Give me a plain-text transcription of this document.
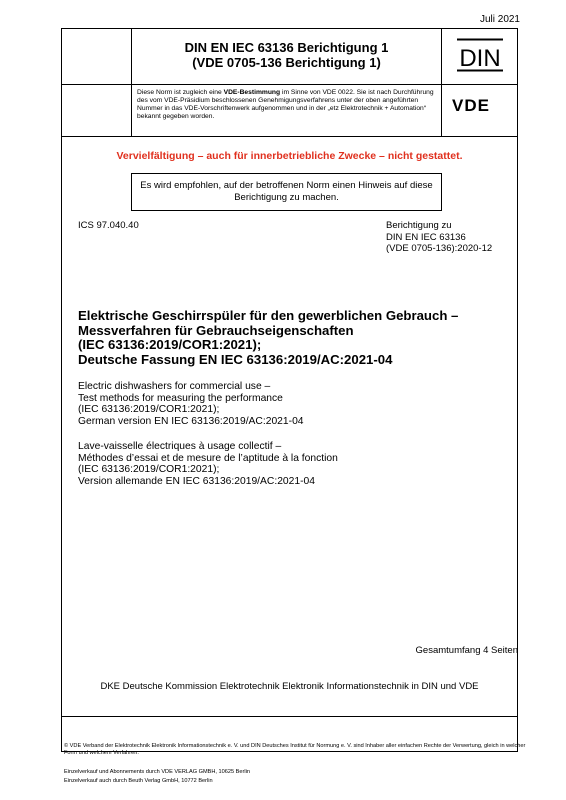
Juli 2021
DIN EN IEC 63136 Berichtigung 1
(VDE 0705-136 Berichtigung 1)	DIN
Diese Norm ist zugleich eine VDE-Bestimmung im Sinne von VDE 0022. Sie ist nach Durchführung des vom VDE-Präsidium beschlossenen Genehmigungsverfahrens unter der oben angeführten Nummer in das VDE-Vorschriftenwerk aufgenommen und in der „etz Elektrotechnik + Automation“ bekannt gegeben worden.
VDE
Vervielfältigung – auch für innerbetriebliche Zwecke – nicht gestattet.
Es wird empfohlen, auf der betroffenen Norm einen Hinweis auf diese Berichtigung zu machen.
ICS 97.040.40	Berichtigung zu
DIN EN IEC 63136
(VDE 0705-136):2020-12
Elektrische Geschirrspüler für den gewerblichen Gebrauch –
Messverfahren für Gebrauchseigenschaften
(IEC 63136:2019/COR1:2021);
Deutsche Fassung EN IEC 63136:2019/AC:2021-04
Electric dishwashers for commercial use –
Test methods for measuring the performance
(IEC 63136:2019/COR1:2021);
German version EN IEC 63136:2019/AC:2021-04
Lave-vaisselle électriques à usage collectif –
Méthodes d’essai et de mesure de l’aptitude à la fonction
(IEC 63136:2019/COR1:2021);
Version allemande EN IEC 63136:2019/AC:2021-04
Gesamtumfang 4 Seiten
DKE Deutsche Kommission Elektrotechnik Elektronik Informationstechnik in DIN und VDE
© VDE Verband der Elektrotechnik Elektronik Informationstechnik e. V. und DIN Deutsches Institut für Normung e. V. sind Inhaber aller einfachen Rechte der Verwertung, gleich in welcher Form und welchem Verfahren.
Einzelverkauf und Abonnements durch VDE VERLAG GMBH, 10625 Berlin
Einzelverkauf auch durch Beuth Verlag GmbH, 10772 Berlin
